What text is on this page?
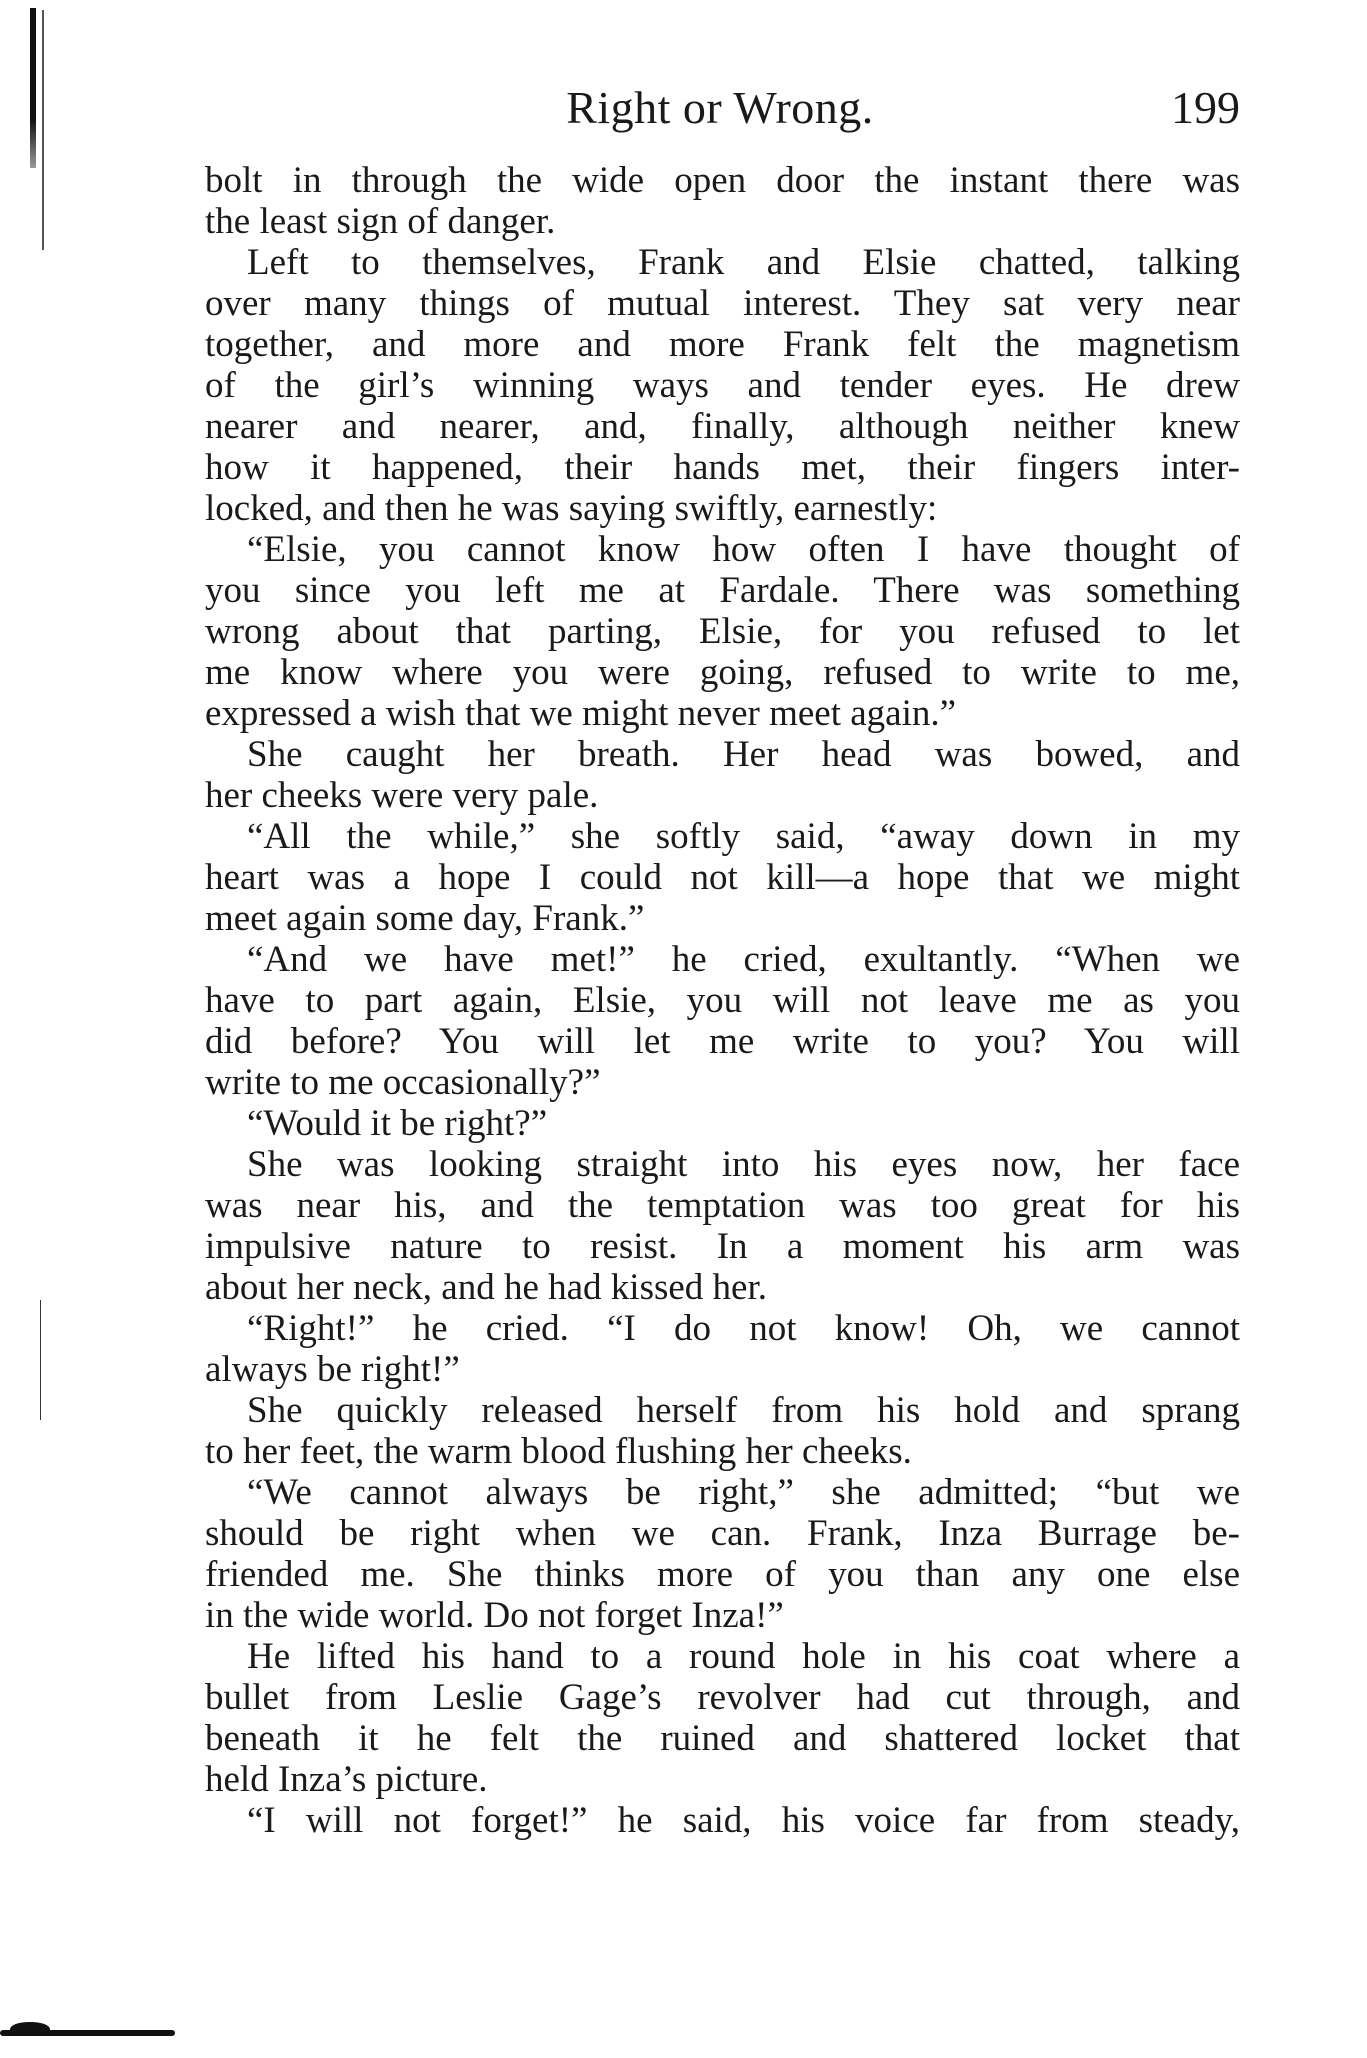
Right or Wrong.	199
bolt in through the wide open door the instant there was
the least sign of danger.
Left to themselves, Frank and Elsie chatted, talking
over many things of mutual interest. They sat very near
together, and more and more Frank felt the magnetism
of the girl’s winning ways and tender eyes. He drew
nearer and nearer, and, finally, although neither knew
how it happened, their hands met, their fingers inter-
locked, and then he was saying swiftly, earnestly:
“Elsie, you cannot know how often I have thought of
you since you left me at Fardale. There was something
wrong about that parting, Elsie, for you refused to let
me know where you were going, refused to write to me,
expressed a wish that we might never meet again.”
She caught her breath. Her head was bowed, and
her cheeks were very pale.
“All the while,” she softly said, “away down in my
heart was a hope I could not kill—a hope that we might
meet again some day, Frank.”
“And we have met!” he cried, exultantly. “When we
have to part again, Elsie, you will not leave me as you
did before? You will let me write to you? You will
write to me occasionally?”
“Would it be right?”
She was looking straight into his eyes now, her face
was near his, and the temptation was too great for his
impulsive nature to resist. In a moment his arm was
about her neck, and he had kissed her.
“Right!” he cried. “I do not know! Oh, we cannot
always be right!”
She quickly released herself from his hold and sprang
to her feet, the warm blood flushing her cheeks.
“We cannot always be right,” she admitted; “but we
should be right when we can. Frank, Inza Burrage be-
friended me. She thinks more of you than any one else
in the wide world. Do not forget Inza!”
He lifted his hand to a round hole in his coat where a
bullet from Leslie Gage’s revolver had cut through, and
beneath it he felt the ruined and shattered locket that
held Inza’s picture.
“I will not forget!” he said, his voice far from steady,
